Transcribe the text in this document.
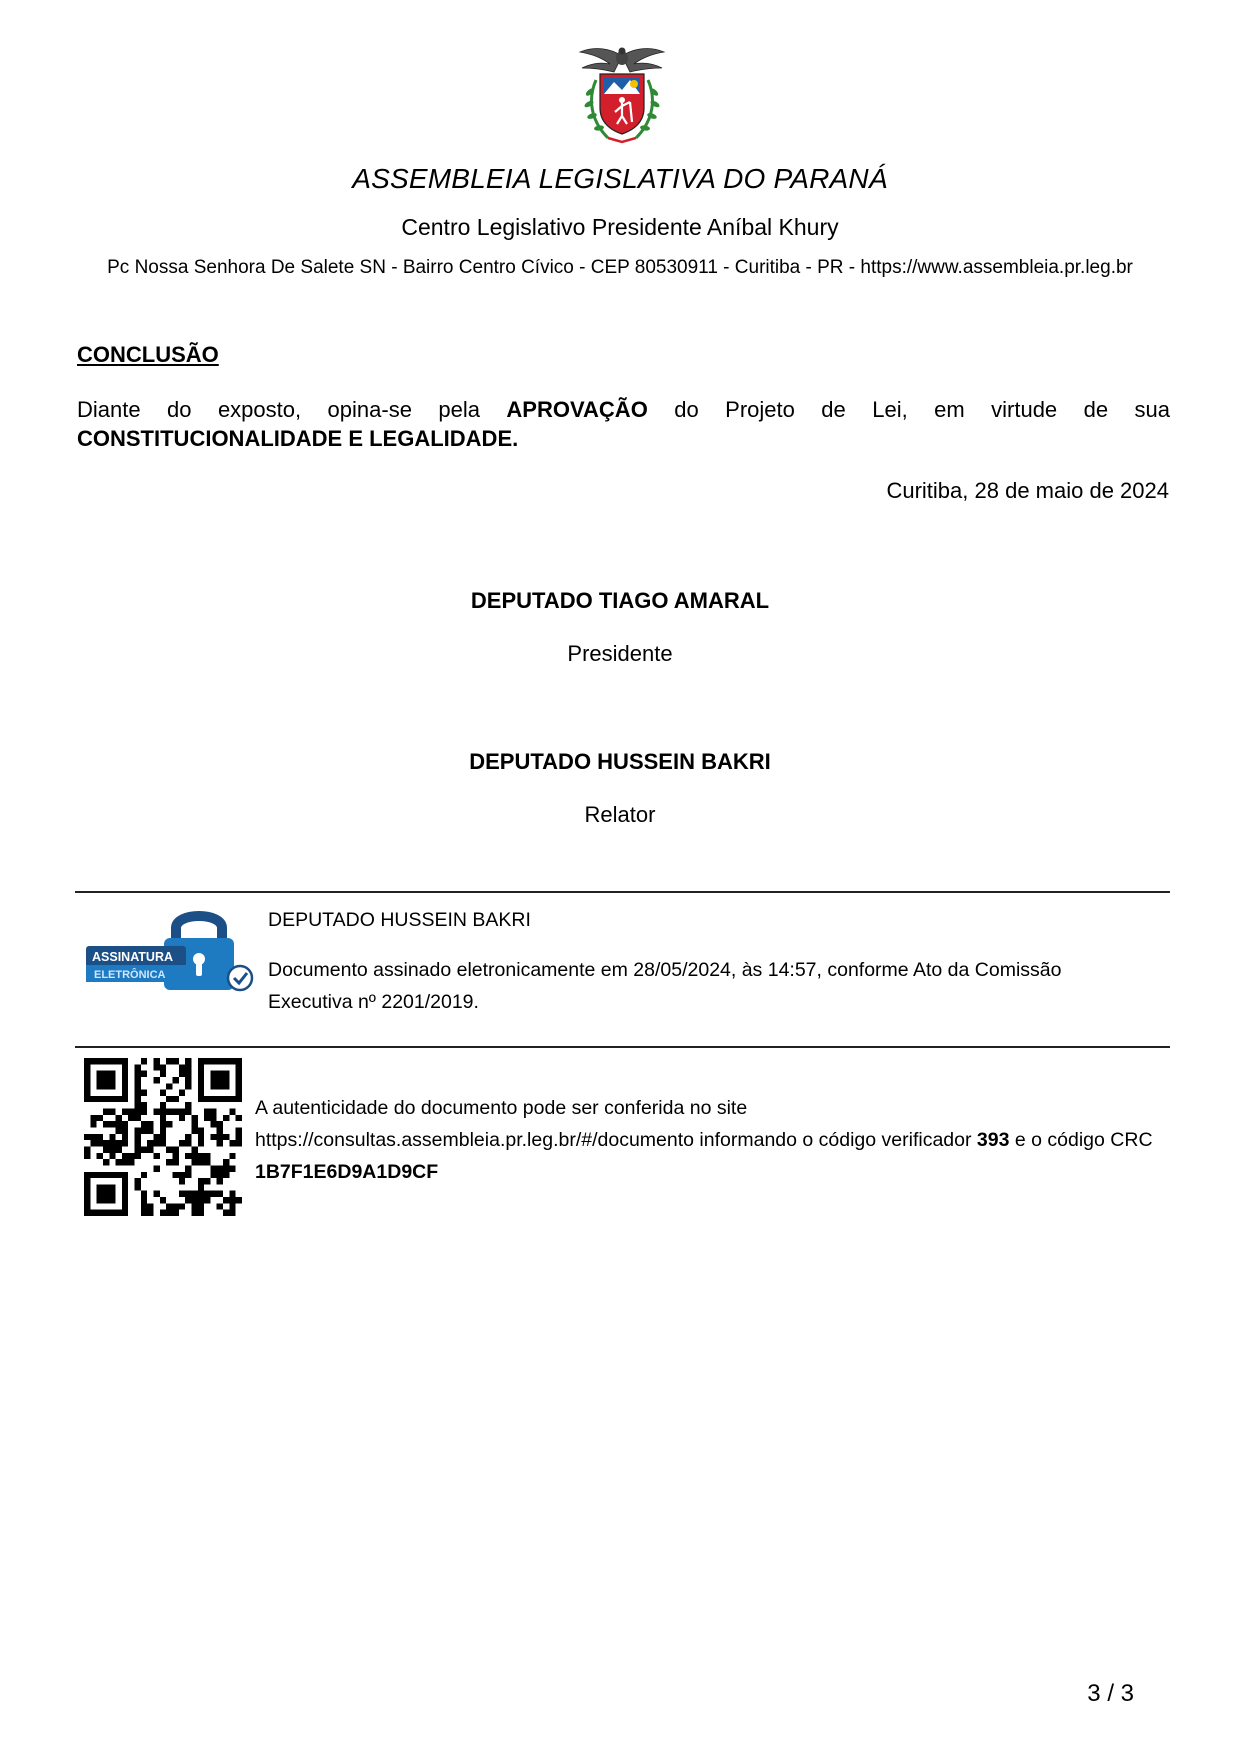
ASSEMBLEIA LEGISLATIVA DO PARANÁ
Centro Legislativo Presidente Aníbal Khury
Pc Nossa Senhora De Salete SN - Bairro Centro Cívico - CEP 80530911 - Curitiba - PR - https://www.assembleia.pr.leg.br
CONCLUSÃO
Diante do exposto, opina-se pela APROVAÇÃO do Projeto de Lei, em virtude de sua CONSTITUCIONALIDADE E LEGALIDADE.
Curitiba, 28 de maio de 2024
DEPUTADO TIAGO AMARAL
Presidente
DEPUTADO HUSSEIN BAKRI
Relator
ASSINATURA
ELETRÔNICA
DEPUTADO HUSSEIN BAKRI
Documento assinado eletronicamente em 28/05/2024, às 14:57, conforme Ato da Comissão Executiva nº 2201/2019.
A autenticidade do documento pode ser conferida no site https://consultas.assembleia.pr.leg.br/#/documento informando o código verificador 393 e o código CRC 1B7F1E6D9A1D9CF
3 / 3
